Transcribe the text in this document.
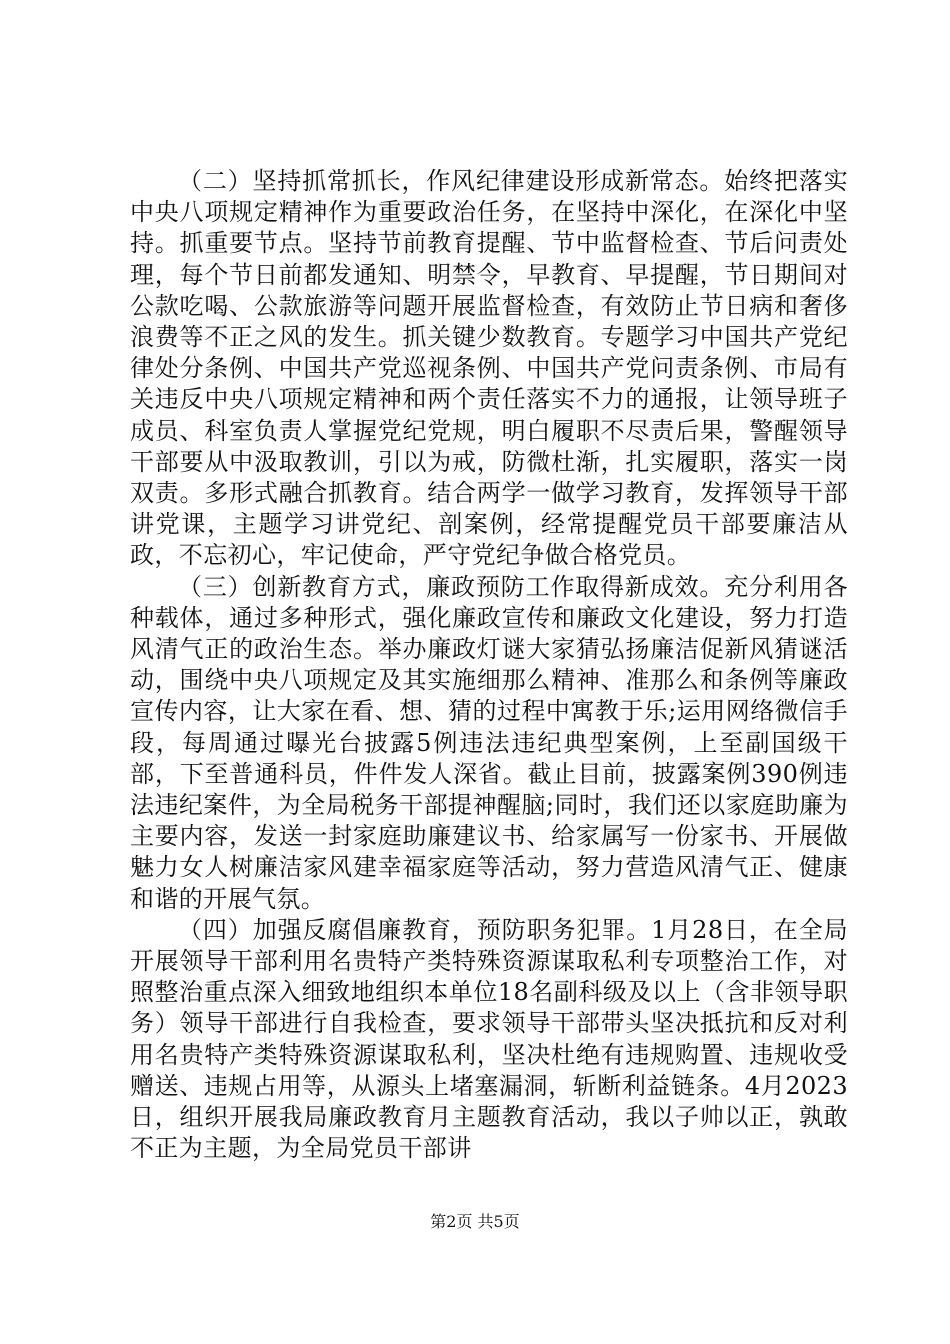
（二）坚持抓常抓长，作风纪律建设形成新常态。始终把落实中央八项规定精神作为重要政治任务，在坚持中深化，在深化中坚持。抓重要节点。坚持节前教育提醒、节中监督检查、节后问责处理，每个节日前都发通知、明禁令，早教育、早提醒，节日期间对公款吃喝、公款旅游等问题开展监督检查，有效防止节日病和奢侈浪费等不正之风的发生。抓关键少数教育。专题学习中国共产党纪律处分条例、中国共产党巡视条例、中国共产党问责条例、市局有关违反中央八项规定精神和两个责任落实不力的通报，让领导班子成员、科室负责人掌握党纪党规，明白履职不尽责后果，警醒领导干部要从中汲取教训，引以为戒，防微杜渐，扎实履职，落实一岗双责。多形式融合抓教育。结合两学一做学习教育，发挥领导干部讲党课，主题学习讲党纪、剖案例，经常提醒党员干部要廉洁从政，不忘初心，牢记使命，严守党纪争做合格党员。

（三）创新教育方式，廉政预防工作取得新成效。充分利用各种载体，通过多种形式，强化廉政宣传和廉政文化建设，努力打造风清气正的政治生态。举办廉政灯谜大家猜弘扬廉洁促新风猜谜活动，围绕中央八项规定及其实施细那么精神、准那么和条例等廉政宣传内容，让大家在看、想、猜的过程中寓教于乐;运用网络微信手段，每周通过曝光台披露5例违法违纪典型案例，上至副国级干部，下至普通科员，件件发人深省。截止目前，披露案例390例违法违纪案件，为全局税务干部提神醒脑;同时，我们还以家庭助廉为主要内容，发送一封家庭助廉建议书、给家属写一份家书、开展做魅力女人树廉洁家风建幸福家庭等活动，努力营造风清气正、健康和谐的开展气氛。

（四）加强反腐倡廉教育，预防职务犯罪。1月28日，在全局开展领导干部利用名贵特产类特殊资源谋取私利专项整治工作，对照整治重点深入细致地组织本单位18名副科级及以上（含非领导职务）领导干部进行自我检查，要求领导干部带头坚决抵抗和反对利用名贵特产类特殊资源谋取私利，坚决杜绝有违规购置、违规收受赠送、违规占用等，从源头上堵塞漏洞，斩断利益链条。4月2023日，组织开展我局廉政教育月主题教育活动，我以子帅以正，孰敢不正为主题，为全局党员干部讲

第2页 共5页
